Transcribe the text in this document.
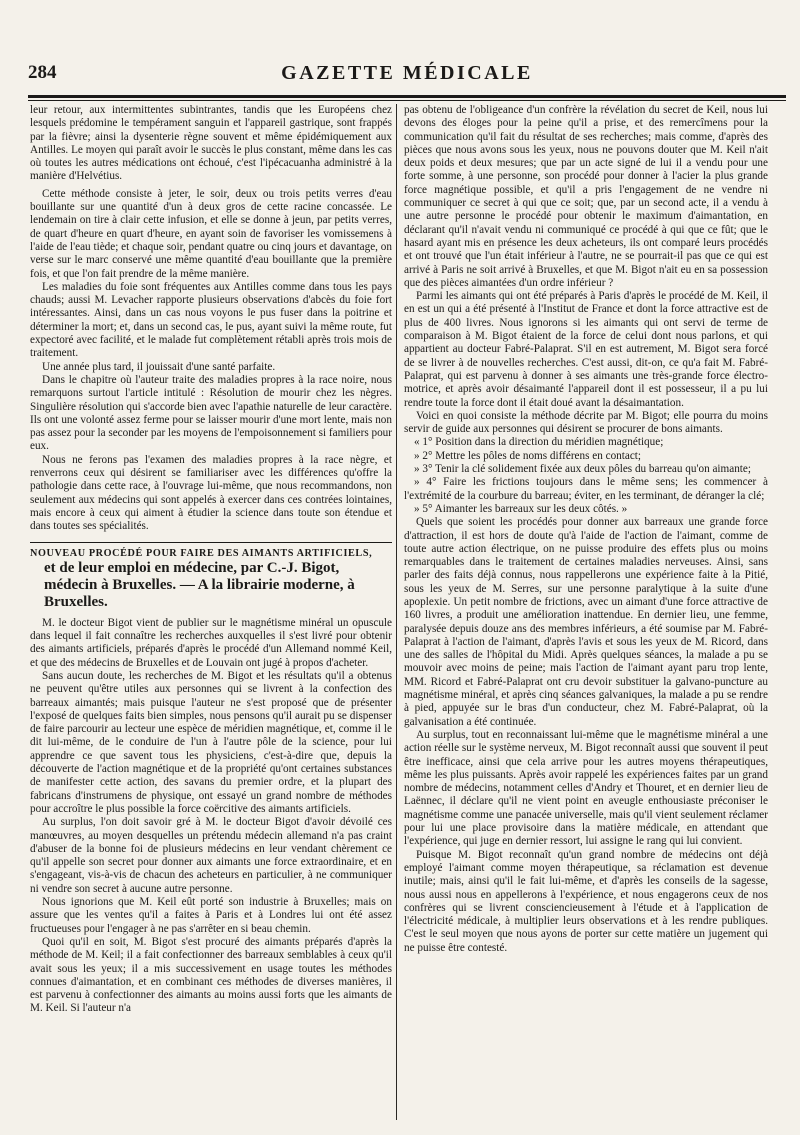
284	GAZETTE MÉDICALE

leur retour, aux intermittentes subintrantes, tandis que les Européens chez lesquels prédomine le tempérament sanguin et l'appareil gastrique, sont frappés par la fièvre; ainsi la dysenterie règne souvent et même épidémiquement aux Antilles. Le moyen qui paraît avoir le succès le plus constant, même dans les cas où toutes les autres médications ont échoué, c'est l'ipécacuanha administré à la manière d'Helvétius.

Cette méthode consiste à jeter, le soir, deux ou trois petits verres d'eau bouillante sur une quantité d'un à deux gros de cette racine concassée. Le lendemain on tire à clair cette infusion, et elle se donne à jeun, par petits verres, de quart d'heure en quart d'heure, en ayant soin de favoriser les vomissemens à l'aide de l'eau tiède; et chaque soir, pendant quatre ou cinq jours et davantage, on verse sur le marc conservé une même quantité d'eau bouillante que la première fois, et que l'on fait prendre de la même manière.

Les maladies du foie sont fréquentes aux Antilles comme dans tous les pays chauds; aussi M. Levacher rapporte plusieurs observations d'abcès du foie fort intéressantes. Ainsi, dans un cas nous voyons le pus fuser dans la poitrine et déterminer la mort; et, dans un second cas, le pus, ayant suivi la même route, fut expectoré avec facilité, et le malade fut complètement rétabli après trois mois de traitement.

Une année plus tard, il jouissait d'une santé parfaite.

Dans le chapitre où l'auteur traite des maladies propres à la race noire, nous remarquons surtout l'article intitulé : Résolution de mourir chez les nègres. Singulière résolution qui s'accorde bien avec l'apathie naturelle de leur caractère. Ils ont une volonté assez ferme pour se laisser mourir d'une mort lente, mais non pas assez pour la seconder par les moyens de l'empoisonnement si familiers pour eux.

Nous ne ferons pas l'examen des maladies propres à la race nègre, et renverrons ceux qui désirent se familiariser avec les différences qu'offre la pathologie dans cette race, à l'ouvrage lui-même, que nous recommandons, non seulement aux médecins qui sont appelés à exercer dans ces contrées lointaines, mais encore à ceux qui aiment à étudier la science dans toute son étendue et dans toutes ses spécialités.

NOUVEAU PROCÉDÉ POUR FAIRE DES AIMANTS ARTIFICIELS,
et de leur emploi en médecine, par C.-J. Bigot, médecin à Bruxelles. — A la librairie moderne, à Bruxelles.

M. le docteur Bigot vient de publier sur le magnétisme minéral un opuscule dans lequel il fait connaître les recherches auxquelles il s'est livré pour obtenir des aimants artificiels, préparés d'après le procédé d'un Allemand nommé Keil, et que des médecins de Bruxelles et de Louvain ont jugé à propos d'acheter.

Sans aucun doute, les recherches de M. Bigot et les résultats qu'il a obtenus ne peuvent qu'être utiles aux personnes qui se livrent à la confection des barreaux aimantés; mais puisque l'auteur ne s'est proposé que de présenter l'exposé de quelques faits bien simples, nous pensons qu'il aurait pu se dispenser de faire parcourir au lecteur une espèce de méridien magnétique, et, comme il le dit lui-même, de le conduire de l'un à l'autre pôle de la science, pour lui apprendre ce que savent tous les physiciens, c'est-à-dire que, depuis la découverte de l'action magnétique et de la propriété qu'ont certaines substances de manifester cette action, des savans du premier ordre, et la plupart des fabricans d'instrumens de physique, ont essayé un grand nombre de méthodes pour accroître le plus possible la force coërcitive des aimants artificiels.

Au surplus, l'on doit savoir gré à M. le docteur Bigot d'avoir dévoilé ces manœuvres, au moyen desquelles un prétendu médecin allemand n'a pas craint d'abuser de la bonne foi de plusieurs médecins en leur vendant chèrement ce qu'il appelle son secret pour donner aux aimants une force extraordinaire, et en s'engageant, vis-à-vis de chacun des acheteurs en particulier, à ne communiquer ni vendre son secret à aucune autre personne.

Nous ignorions que M. Keil eût porté son industrie à Bruxelles; mais on assure que les ventes qu'il a faites à Paris et à Londres lui ont été assez fructueuses pour l'engager à ne pas s'arrêter en si beau chemin.

Quoi qu'il en soit, M. Bigot s'est procuré des aimants préparés d'après la méthode de M. Keil; il a fait confectionner des barreaux semblables à ceux qu'il avait sous les yeux; il a mis successivement en usage toutes les méthodes connues d'aimantation, et en combinant ces méthodes de diverses manières, il est parvenu à confectionner des aimants au moins aussi forts que les aimants de M. Keil. Si l'auteur n'a

pas obtenu de l'obligeance d'un confrère la révélation du secret de Keil, nous lui devons des éloges pour la peine qu'il a prise, et des remercîmens pour la communication qu'il fait du résultat de ses recherches; mais comme, d'après des pièces que nous avons sous les yeux, nous ne pouvons douter que M. Keil n'ait deux poids et deux mesures; que par un acte signé de lui il a vendu pour une forte somme, à une personne, son procédé pour donner à l'acier la plus grande force magnétique possible, et qu'il a pris l'engagement de ne vendre ni communiquer ce secret à qui que ce soit; que, par un second acte, il a vendu à une autre personne le procédé pour obtenir le maximum d'aimantation, en déclarant qu'il n'avait vendu ni communiqué ce procédé à qui que ce fût; que le hasard ayant mis en présence les deux acheteurs, ils ont comparé leurs procédés et ont trouvé que l'un était inférieur à l'autre, ne se pourrait-il pas que ce qui est arrivé à Paris ne soit arrivé à Bruxelles, et que M. Bigot n'ait eu en sa possession que des pièces aimantées d'un ordre inférieur ?

Parmi les aimants qui ont été préparés à Paris d'après le procédé de M. Keil, il en est un qui a été présenté à l'Institut de France et dont la force attractive est de plus de 400 livres. Nous ignorons si les aimants qui ont servi de terme de comparaison à M. Bigot étaient de la force de celui dont nous parlons, et qui appartient au docteur Fabré-Palaprat. S'il en est autrement, M. Bigot sera forcé de se livrer à de nouvelles recherches. C'est aussi, dit-on, ce qu'a fait M. Fabré-Palaprat, qui est parvenu à donner à ses aimants une très-grande force électro-motrice, et après avoir désaimanté l'appareil dont il est possesseur, il a pu lui rendre toute la force dont il était doué avant la désaimantation.

Voici en quoi consiste la méthode décrite par M. Bigot; elle pourra du moins servir de guide aux personnes qui désirent se procurer de bons aimants.

« 1° Position dans la direction du méridien magnétique;

» 2° Mettre les pôles de noms différens en contact;

» 3° Tenir la clé solidement fixée aux deux pôles du barreau qu'on aimante;

» 4° Faire les frictions toujours dans le même sens; les commencer à l'extrémité de la courbure du barreau; éviter, en les terminant, de déranger la clé;

» 5° Aimanter les barreaux sur les deux côtés. »

Quels que soient les procédés pour donner aux barreaux une grande force d'attraction, il est hors de doute qu'à l'aide de l'action de l'aimant, comme de toute autre action électrique, on ne puisse produire des effets plus ou moins remarquables dans le traitement de certaines maladies nerveuses. Ainsi, sans parler des faits déjà connus, nous rappellerons une expérience faite à la Pitié, sous les yeux de M. Serres, sur une personne paralytique à la suite d'une apoplexie. Un petit nombre de frictions, avec un aimant d'une force attractive de 160 livres, a produit une amélioration inattendue. En dernier lieu, une femme, paralysée depuis douze ans des membres inférieurs, a été soumise par M. Fabré-Palaprat à l'action de l'aimant, d'après l'avis et sous les yeux de M. Ricord, dans une des salles de l'hôpital du Midi. Après quelques séances, la malade a pu se mouvoir avec moins de peine; mais l'action de l'aimant ayant paru trop lente, MM. Ricord et Fabré-Palaprat ont cru devoir substituer la galvano-puncture au magnétisme minéral, et après cinq séances galvaniques, la malade a pu se rendre à pied, appuyée sur le bras d'un conducteur, chez M. Fabré-Palaprat, où la galvanisation a été continuée.

Au surplus, tout en reconnaissant lui-même que le magnétisme minéral a une action réelle sur le système nerveux, M. Bigot reconnaît aussi que souvent il peut être inefficace, ainsi que cela arrive pour les autres moyens thérapeutiques, même les plus puissants. Après avoir rappelé les expériences faites par un grand nombre de médecins, notamment celles d'Andry et Thouret, et en dernier lieu de Laënnec, il déclare qu'il ne vient point en aveugle enthousiaste préconiser le magnétisme comme une panacée universelle, mais qu'il vient seulement réclamer pour lui une place provisoire dans la matière médicale, en attendant que l'expérience, qui juge en dernier ressort, lui assigne le rang qui lui convient.

Puisque M. Bigot reconnaît qu'un grand nombre de médecins ont déjà employé l'aimant comme moyen thérapeutique, sa réclamation est devenue inutile; mais, ainsi qu'il le fait lui-même, et d'après les conseils de la sagesse, nous aussi nous en appellerons à l'expérience, et nous engagerons ceux de nos confrères qui se livrent consciencieusement à l'étude et à l'application de l'électricité médicale, à multiplier leurs observations et à les rendre publiques. C'est le seul moyen que nous ayons de porter sur cette matière un jugement qui ne puisse être contesté.
